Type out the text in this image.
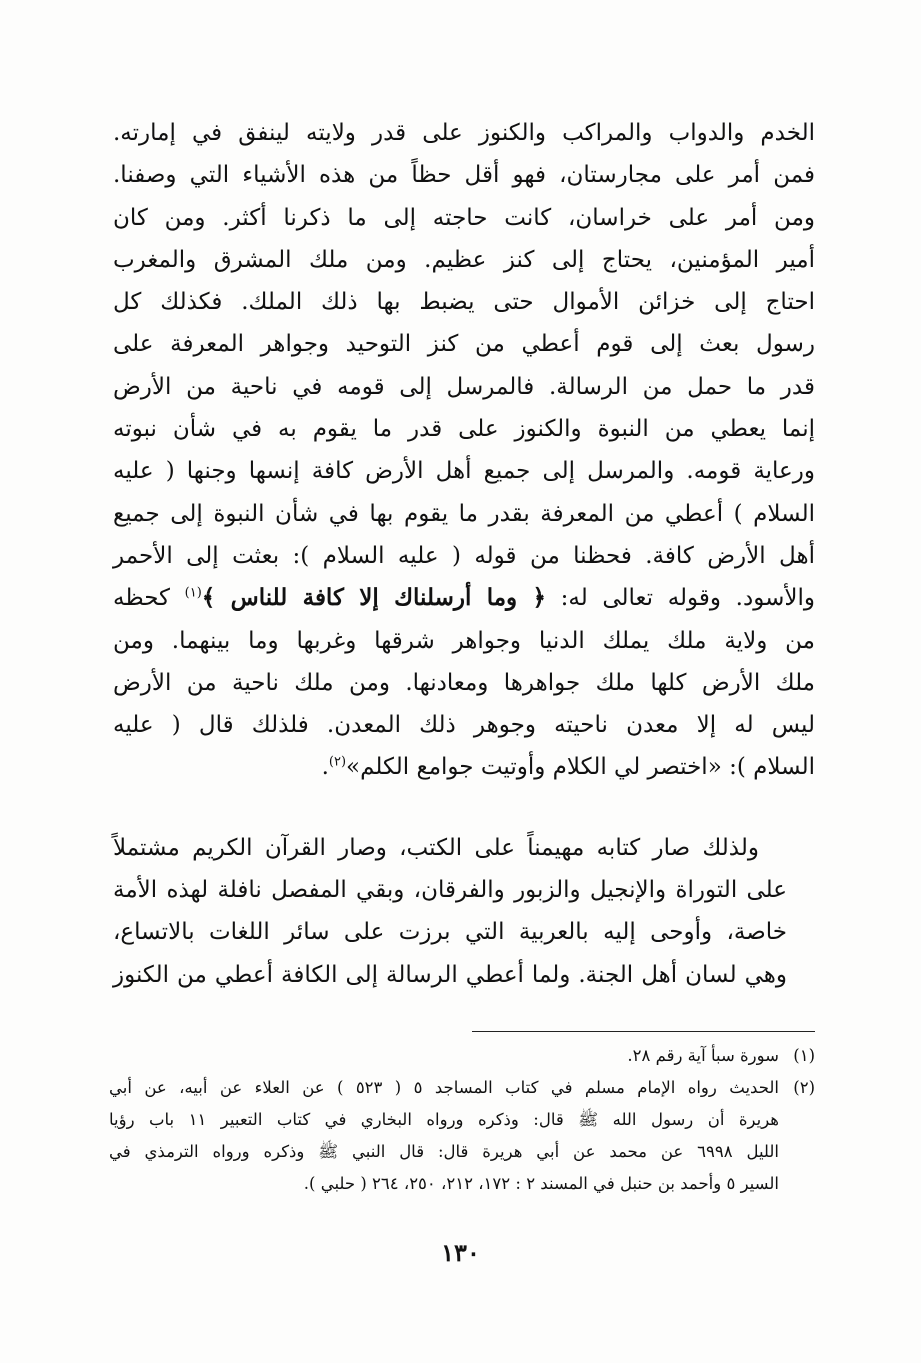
الخدم والدواب والمراكب والكنوز على قدر ولايته لينفق في إمارته.
فمن أمر على مجارستان، فهو أقل حظاً من هذه الأشياء التي وصفنا.
ومن أمر على خراسان، كانت حاجته إلى ما ذكرنا أكثر. ومن كان
أمير المؤمنين، يحتاج إلى كنز عظيم. ومن ملك المشرق والمغرب
احتاج إلى خزائن الأموال حتى يضبط بها ذلك الملك. فكذلك كل
رسول بعث إلى قوم أعطي من كنز التوحيد وجواهر المعرفة على
قدر ما حمل من الرسالة. فالمرسل إلى قومه في ناحية من الأرض
إنما يعطي من النبوة والكنوز على قدر ما يقوم به في شأن نبوته
ورعاية قومه. والمرسل إلى جميع أهل الأرض كافة إنسها وجنها ( عليه
السلام ) أعطي من المعرفة بقدر ما يقوم بها في شأن النبوة إلى جميع
أهل الأرض كافة. فحظنا من قوله ( عليه السلام ): بعثت إلى الأحمر
والأسود. وقوله تعالى له: ﴿ وما أرسلناك إلا كافة للناس ﴾$^{(١)}$ كحظه
من ولاية ملك يملك الدنيا وجواهر شرقها وغربها وما بينهما. ومن
ملك الأرض كلها ملك جواهرها ومعادنها. ومن ملك ناحية من الأرض
ليس له إلا معدن ناحيته وجوهر ذلك المعدن. فلذلك قال ( عليه
السلام ): «اختصر لي الكلام وأوتيت جوامع الكلم»$^{(٢)}$.
ولذلك صار كتابه مهيمناً على الكتب، وصار القرآن الكريم مشتملاً
على التوراة والإنجيل والزبور والفرقان، وبقي المفصل نافلة لهذه الأمة
خاصة، وأوحى إليه بالعربية التي برزت على سائر اللغات بالاتساع،
وهي لسان أهل الجنة. ولما أعطي الرسالة إلى الكافة أعطي من الكنوز
(١)
سورة سبأ آية رقم ٢٨.
(٢)
الحديث رواه الإمام مسلم في كتاب المساجد ٥ ( ٥٢٣ ) عن العلاء عن أبيه، عن أبي
هريرة أن رسول الله ﷺ قال: وذكره ورواه البخاري في كتاب التعبير ١١ باب رؤيا
الليل ٦٩٩٨ عن محمد عن أبي هريرة قال: قال النبي ﷺ وذكره ورواه الترمذي في
السير ٥ وأحمد بن حنبل في المسند ٢ : ١٧٢، ٢١٢، ٢٥٠، ٢٦٤ ( حلبي ).
١٣٠
